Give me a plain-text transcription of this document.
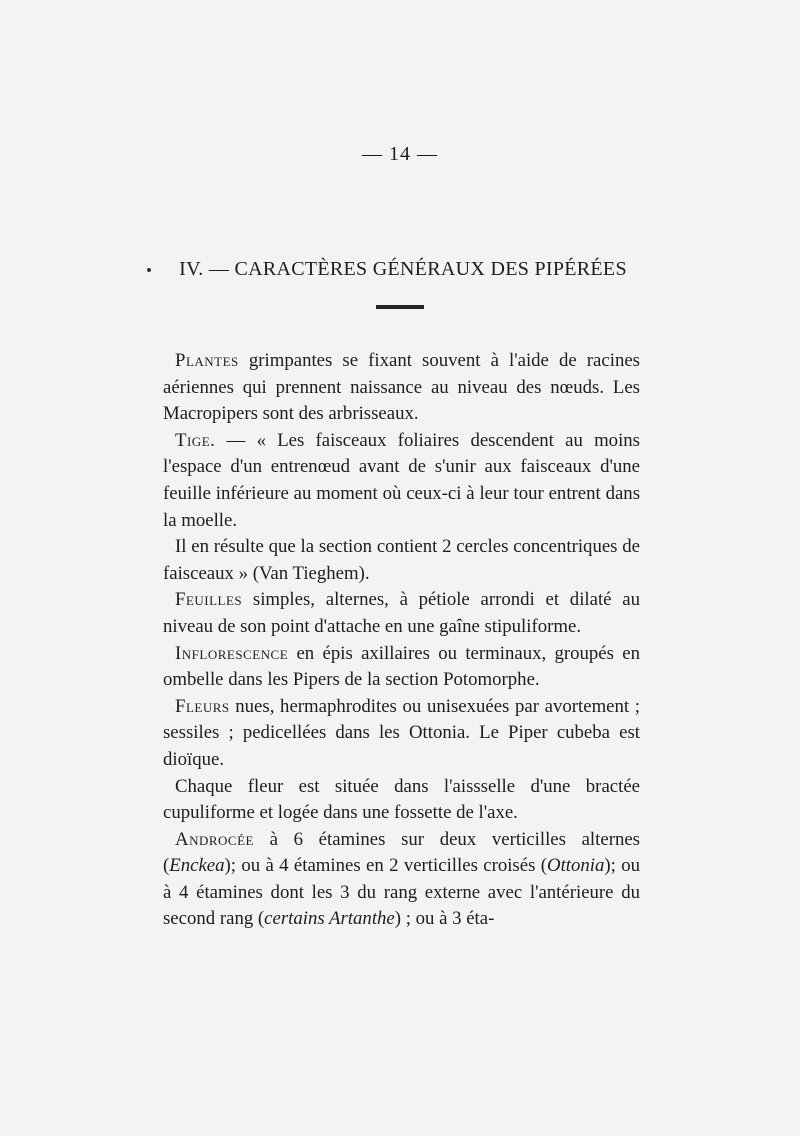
— 14 —
IV. — CARACTÈRES GÉNÉRAUX DES PIPÉRÉES

Plantes grimpantes se fixant souvent à l'aide de racines aériennes qui prennent naissance au niveau des nœuds. Les Macropipers sont des arbrisseaux.

Tige. — « Les faisceaux foliaires descendent au moins l'espace d'un entrenœud avant de s'unir aux faisceaux d'une feuille inférieure au moment où ceux-ci à leur tour entrent dans la moelle.

Il en résulte que la section contient 2 cercles concentriques de faisceaux » (Van Tieghem).

Feuilles simples, alternes, à pétiole arrondi et dilaté au niveau de son point d'attache en une gaîne stipuliforme.

Inflorescence en épis axillaires ou terminaux, groupés en ombelle dans les Pipers de la section Potomorphe.

Fleurs nues, hermaphrodites ou unisexuées par avortement ; sessiles ; pedicellées dans les Ottonia. Le Piper cubeba est dioïque.

Chaque fleur est située dans l'aissselle d'une bractée cupuliforme et logée dans une fossette de l'axe.

Androcée à 6 étamines sur deux verticilles alternes (Enckea); ou à 4 étamines en 2 verticilles croisés (Ottonia); ou à 4 étamines dont les 3 du rang externe avec l'antérieure du second rang (certains Artanthe) ; ou à 3 éta-
